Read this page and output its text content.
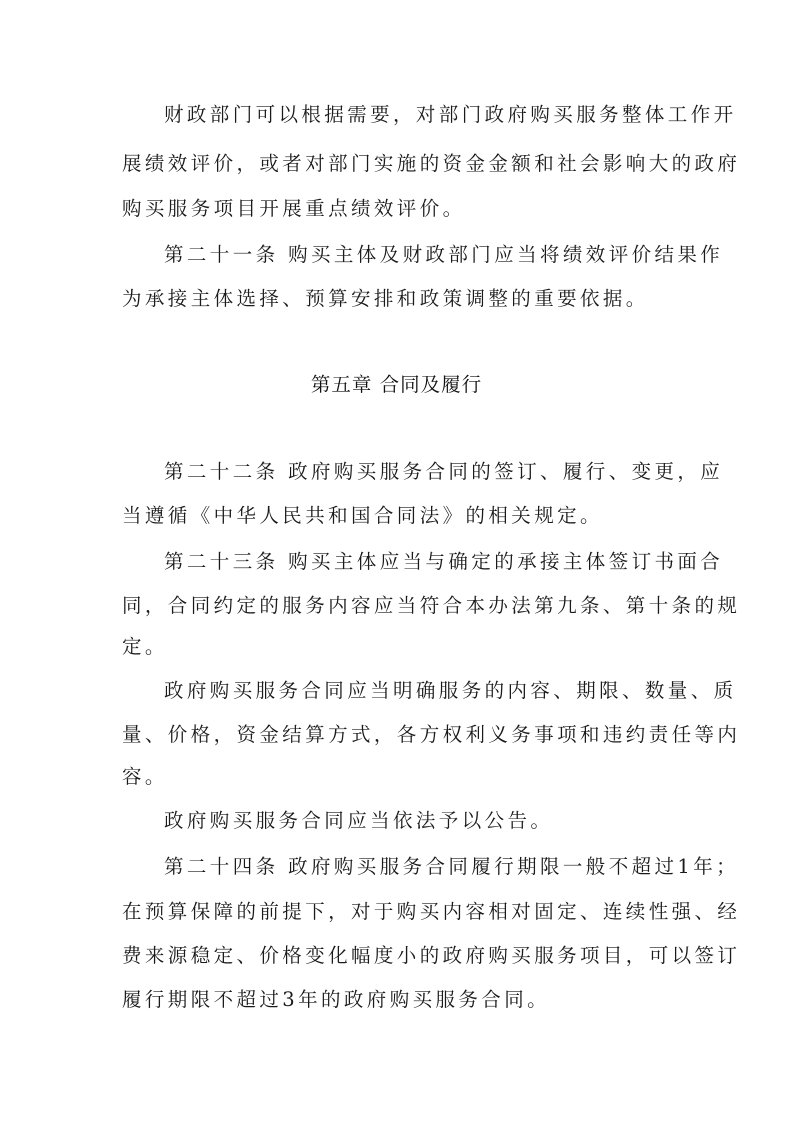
财政部门可以根据需要，对部门政府购买服务整体工作开
展绩效评价，或者对部门实施的资金金额和社会影响大的政府
购买服务项目开展重点绩效评价。
第二十一条 购买主体及财政部门应当将绩效评价结果作
为承接主体选择、预算安排和政策调整的重要依据。
第五章 合同及履行
第二十二条 政府购买服务合同的签订、履行、变更，应
当遵循《中华人民共和国合同法》的相关规定。
第二十三条 购买主体应当与确定的承接主体签订书面合
同，合同约定的服务内容应当符合本办法第九条、第十条的规
定。
政府购买服务合同应当明确服务的内容、期限、数量、质
量、价格，资金结算方式，各方权利义务事项和违约责任等内
容。
政府购买服务合同应当依法予以公告。
第二十四条 政府购买服务合同履行期限一般不超过1年；
在预算保障的前提下，对于购买内容相对固定、连续性强、经
费来源稳定、价格变化幅度小的政府购买服务项目，可以签订
履行期限不超过3年的政府购买服务合同。
